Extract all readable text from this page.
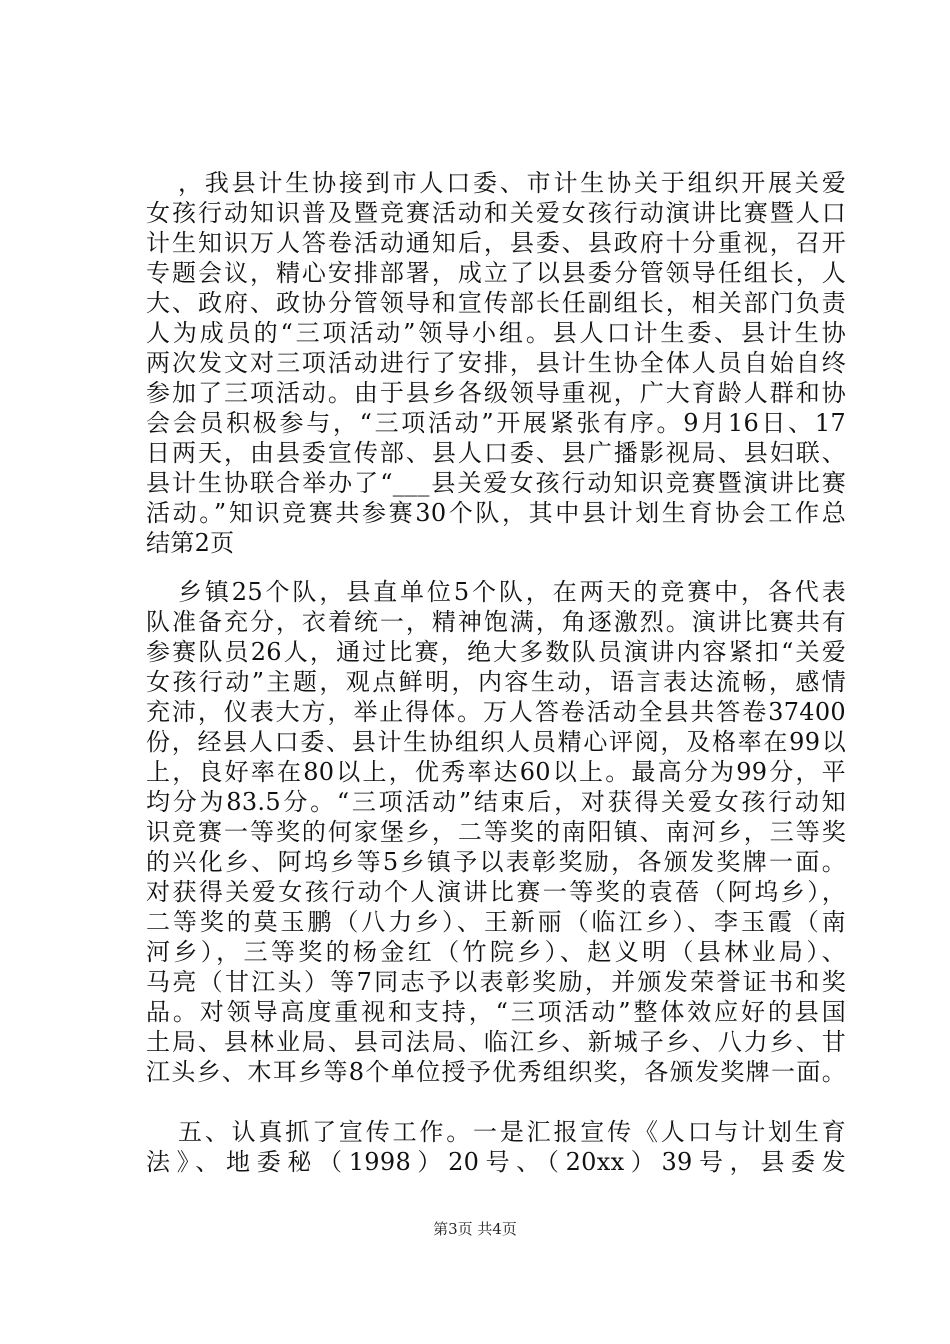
，我县计生协接到市人口委、市计生协关于组织开展关爱
女孩行动知识普及暨竞赛活动和关爱女孩行动演讲比赛暨人口
计生知识万人答卷活动通知后，县委、县政府十分重视，召开
专题会议，精心安排部署，成立了以县委分管领导任组长，人
大、政府、政协分管领导和宣传部长任副组长，相关部门负责
人为成员的“三项活动”领导小组。县人口计生委、县计生协
两次发文对三项活动进行了安排，县计生协全体人员自始自终
参加了三项活动。由于县乡各级领导重视，广大育龄人群和协
会会员积极参与，“三项活动”开展紧张有序。9月16日、17
日两天，由县委宣传部、县人口委、县广播影视局、县妇联、
县计生协联合举办了“___县关爱女孩行动知识竞赛暨演讲比赛
活动。”知识竞赛共参赛30个队，其中县计划生育协会工作总
结第2页
乡镇25个队，县直单位5个队，在两天的竞赛中，各代表
队准备充分，衣着统一，精神饱满，角逐激烈。演讲比赛共有
参赛队员26人，通过比赛，绝大多数队员演讲内容紧扣“关爱
女孩行动”主题，观点鲜明，内容生动，语言表达流畅，感情
充沛，仪表大方，举止得体。万人答卷活动全县共答卷37400
份，经县人口委、县计生协组织人员精心评阅，及格率在99以
上，良好率在80以上，优秀率达60以上。最高分为99分，平
均分为83.5分。“三项活动”结束后，对获得关爱女孩行动知
识竞赛一等奖的何家堡乡，二等奖的南阳镇、南河乡，三等奖
的兴化乡、阿坞乡等5乡镇予以表彰奖励，各颁发奖牌一面。
对获得关爱女孩行动个人演讲比赛一等奖的袁蓓（阿坞乡），
二等奖的莫玉鹏（八力乡）、王新丽（临江乡）、李玉霞（南
河乡），三等奖的杨金红（竹院乡）、赵义明（县林业局）、
马亮（甘江头）等7同志予以表彰奖励，并颁发荣誉证书和奖
品。对领导高度重视和支持，“三项活动”整体效应好的县国
土局、县林业局、县司法局、临江乡、新城子乡、八力乡、甘
江头乡、木耳乡等8个单位授予优秀组织奖，各颁发奖牌一面。
五、认真抓了宣传工作。一是汇报宣传《人口与计划生育
法》、地委秘（1998）20号、（20xx）39号，县委发
第3页 共4页
